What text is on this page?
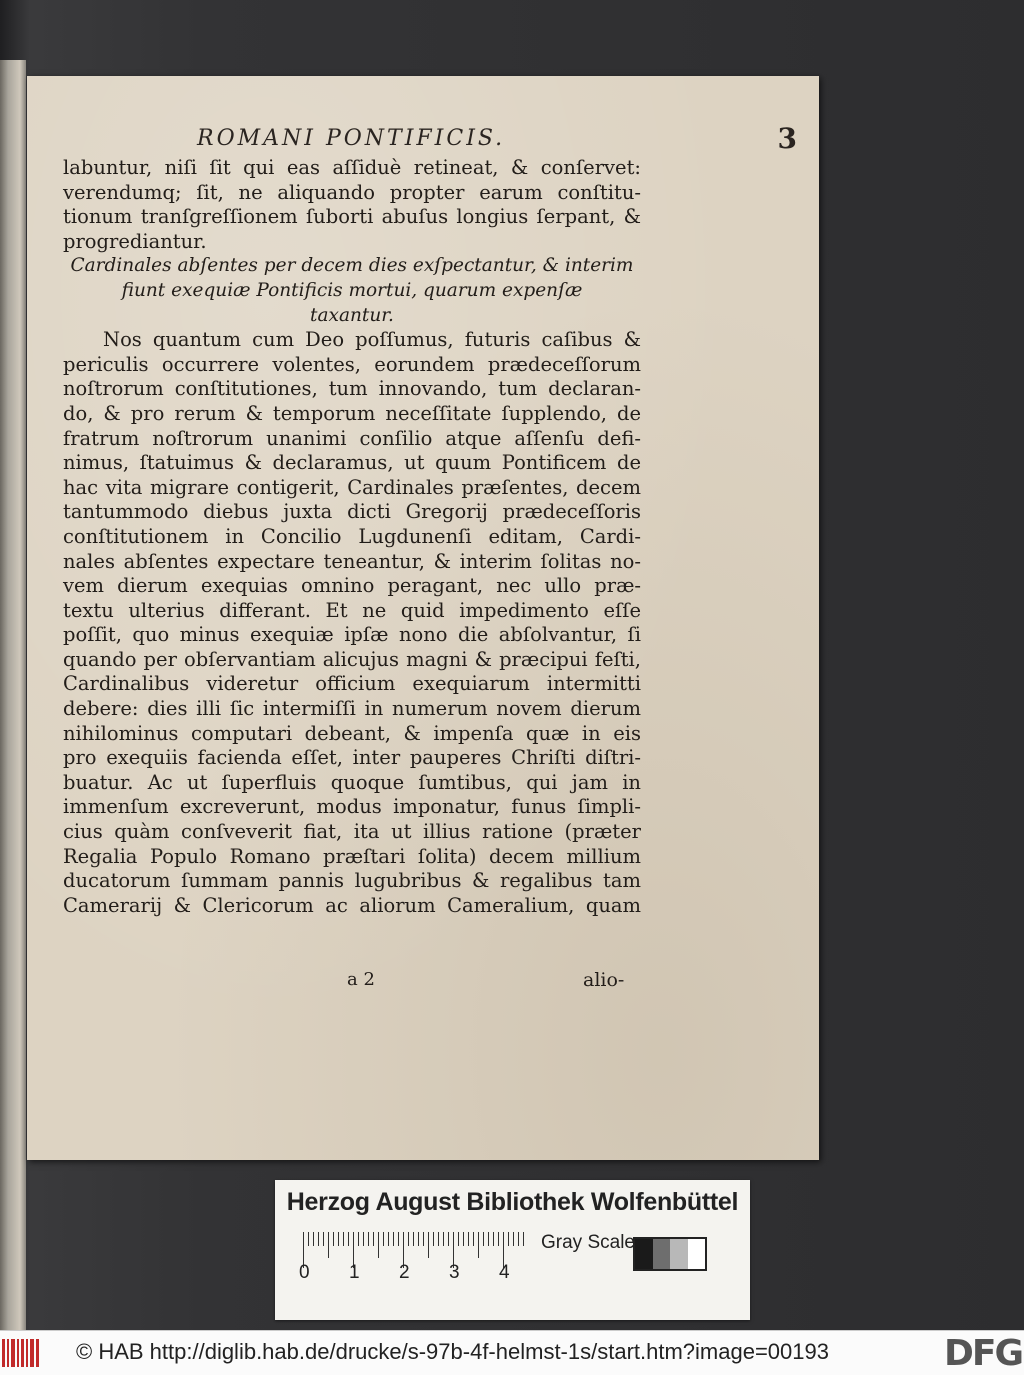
ROMANI PONTIFICIS.	3
labuntur, niſi ſit qui eas aſſiduè retineat, & conſervet:
verendumq; ſit, ne aliquando propter earum conſtitu-
tionum tranſgreſſionem ſuborti abuſus longius ſerpant, &
progrediantur.
Cardinales abſentes per decem dies exſpectantur, & interim
fiunt exequiæ Pontificis mortui, quarum expenſæ
taxantur.
Nos quantum cum Deo poſſumus, futuris caſibus &
periculis occurrere volentes, eorundem prædeceſſorum
noſtrorum conſtitutiones, tum innovando, tum declaran-
do, & pro rerum & temporum neceſſitate ſupplendo, de
fratrum noſtrorum unanimi conſilio atque aſſenſu defi-
nimus, ſtatuimus & declaramus, ut quum Pontificem de
hac vita migrare contigerit, Cardinales præſentes, decem
tantummodo diebus juxta dicti Gregorij prædeceſſoris
conſtitutionem in Concilio Lugdunenſi editam, Cardi-
nales abſentes expectare teneantur, & interim ſolitas no-
vem dierum exequias omnino peragant, nec ullo præ-
textu ulterius differant. Et ne quid impedimento eſſe
poſſit, quo minus exequiæ ipſæ nono die abſolvantur, ſi
quando per obſervantiam alicujus magni & præcipui feſti,
Cardinalibus videretur officium exequiarum intermitti
debere: dies illi ſic intermiſſi in numerum novem dierum
nihilominus computari debeant, & impenſa quæ in eis
pro exequiis facienda eſſet, inter pauperes Chriſti diſtri-
buatur. Ac ut ſuperfluis quoque ſumtibus, qui jam in
immenſum excreverunt, modus imponatur, funus ſimpli-
cius quàm conſveverit fiat, ita ut illius ratione (præter
Regalia Populo Romano præſtari ſolita) decem millium
ducatorum ſummam pannis lugubribus & regalibus tam
Camerarij & Clericorum ac aliorum Cameralium, quam
a 2	alio-
Herzog August Bibliothek Wolfenbüttel
0 1 2 3 4
Gray Scale
© HAB http://diglib.hab.de/drucke/s-97b-4f-helmst-1s/start.htm?image=00193	DFG
